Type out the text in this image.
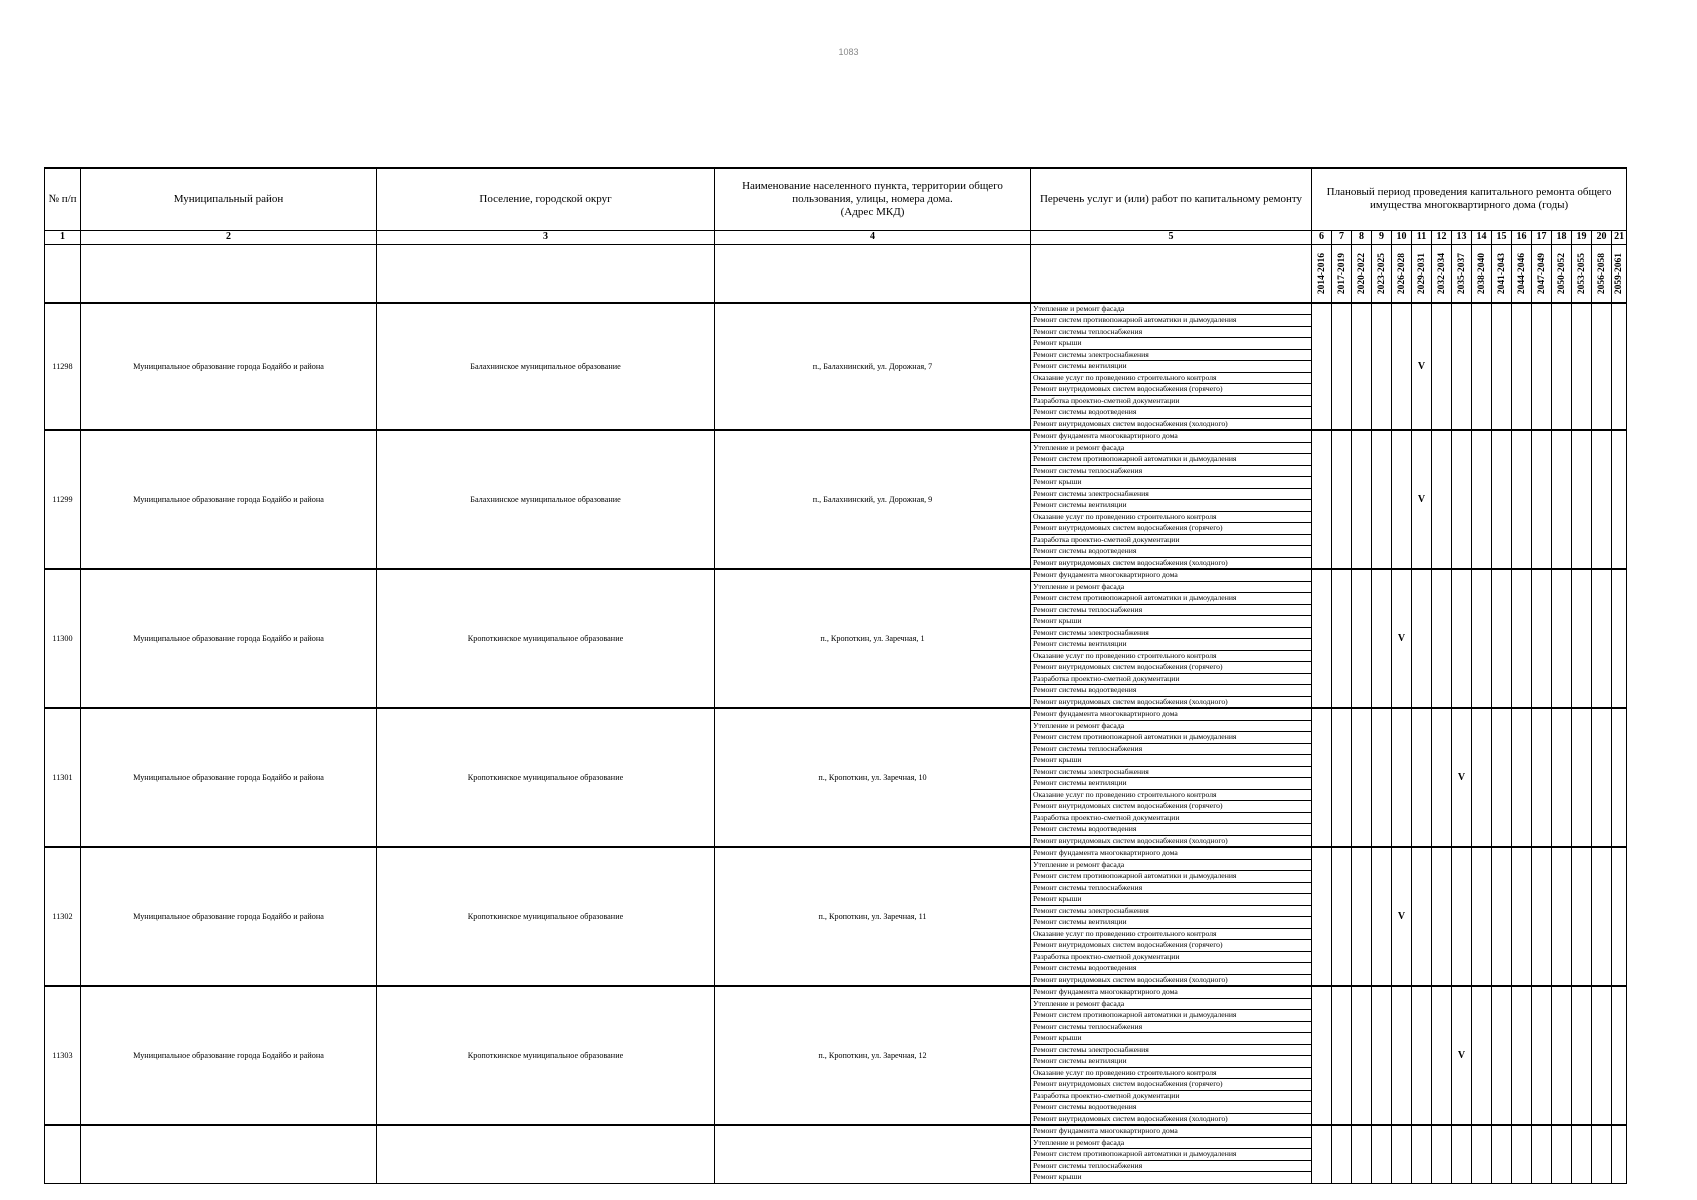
1083
№ п/п	Муниципальный район	Поселение, городской округ	Наименование населенного пункта, территории общего
пользования, улицы, номера дома.
(Адрес МКД)	Перечень услуг и (или) работ по капитальному ремонту	Плановый период проведения капитального ремонта общего имущества многоквартирного дома (годы)															
1	2	3	4	5	6	7	8	9	10	11	12	13	14	15	16	17	18	19	20	21
					2014-2016	2017-2019	2020-2022	2023-2025	2026-2028	2029-2031	2032-2034	2035-2037	2038-2040	2041-2043	2044-2046	2047-2049	2050-2052	2053-2055	2056-2058	2059-2061
11298	Муниципальное образование города Бодайбо и района	Балахнинское муниципальное образование	п., Балахнинский, ул. Дорожная, 7	Утепление и ремонт фасада						V										
				Ремонт систем противопожарной автоматики и дымоудаления																
				Ремонт системы теплоснабжения																
				Ремонт крыши																
				Ремонт системы электроснабжения																
				Ремонт системы вентиляции																
				Оказание услуг по проведению строительного контроля																
				Ремонт внутридомовых систем водоснабжения (горячего)																
				Разработка проектно-сметной документации																
				Ремонт системы водоотведения																
				Ремонт внутридомовых систем водоснабжения (холодного)																
11299	Муниципальное образование города Бодайбо и района	Балахнинское муниципальное образование	п., Балахнинский, ул. Дорожная, 9	Ремонт фундамента многоквартирного дома						V										
				Утепление и ремонт фасада																
				Ремонт систем противопожарной автоматики и дымоудаления																
				Ремонт системы теплоснабжения																
				Ремонт крыши																
				Ремонт системы электроснабжения																
				Ремонт системы вентиляции																
				Оказание услуг по проведению строительного контроля																
				Ремонт внутридомовых систем водоснабжения (горячего)																
				Разработка проектно-сметной документации																
				Ремонт системы водоотведения																
				Ремонт внутридомовых систем водоснабжения (холодного)																
11300	Муниципальное образование города Бодайбо и района	Кропоткинское муниципальное образование	п., Кропоткин, ул. Заречная, 1	Ремонт фундамента многоквартирного дома					V											
				Утепление и ремонт фасада																
				Ремонт систем противопожарной автоматики и дымоудаления																
				Ремонт системы теплоснабжения																
				Ремонт крыши																
				Ремонт системы электроснабжения																
				Ремонт системы вентиляции																
				Оказание услуг по проведению строительного контроля																
				Ремонт внутридомовых систем водоснабжения (горячего)																
				Разработка проектно-сметной документации																
				Ремонт системы водоотведения																
				Ремонт внутридомовых систем водоснабжения (холодного)																
11301	Муниципальное образование города Бодайбо и района	Кропоткинское муниципальное образование	п., Кропоткин, ул. Заречная, 10	Ремонт фундамента многоквартирного дома								V								
				Утепление и ремонт фасада																
				Ремонт систем противопожарной автоматики и дымоудаления																
				Ремонт системы теплоснабжения																
				Ремонт крыши																
				Ремонт системы электроснабжения																
				Ремонт системы вентиляции																
				Оказание услуг по проведению строительного контроля																
				Ремонт внутридомовых систем водоснабжения (горячего)																
				Разработка проектно-сметной документации																
				Ремонт системы водоотведения																
				Ремонт внутридомовых систем водоснабжения (холодного)																
11302	Муниципальное образование города Бодайбо и района	Кропоткинское муниципальное образование	п., Кропоткин, ул. Заречная, 11	Ремонт фундамента многоквартирного дома					V											
				Утепление и ремонт фасада																
				Ремонт систем противопожарной автоматики и дымоудаления																
				Ремонт системы теплоснабжения																
				Ремонт крыши																
				Ремонт системы электроснабжения																
				Ремонт системы вентиляции																
				Оказание услуг по проведению строительного контроля																
				Ремонт внутридомовых систем водоснабжения (горячего)																
				Разработка проектно-сметной документации																
				Ремонт системы водоотведения																
				Ремонт внутридомовых систем водоснабжения (холодного)																
11303	Муниципальное образование города Бодайбо и района	Кропоткинское муниципальное образование	п., Кропоткин, ул. Заречная, 12	Ремонт фундамента многоквартирного дома								V								
				Утепление и ремонт фасада																
				Ремонт систем противопожарной автоматики и дымоудаления																
				Ремонт системы теплоснабжения																
				Ремонт крыши																
				Ремонт системы электроснабжения																
				Ремонт системы вентиляции																
				Оказание услуг по проведению строительного контроля																
				Ремонт внутридомовых систем водоснабжения (горячего)																
				Разработка проектно-сметной документации																
				Ремонт системы водоотведения																
				Ремонт внутридомовых систем водоснабжения (холодного)																
				Ремонт фундамента многоквартирного дома																
				Утепление и ремонт фасада																
				Ремонт систем противопожарной автоматики и дымоудаления																
				Ремонт системы теплоснабжения																
				Ремонт крыши																
